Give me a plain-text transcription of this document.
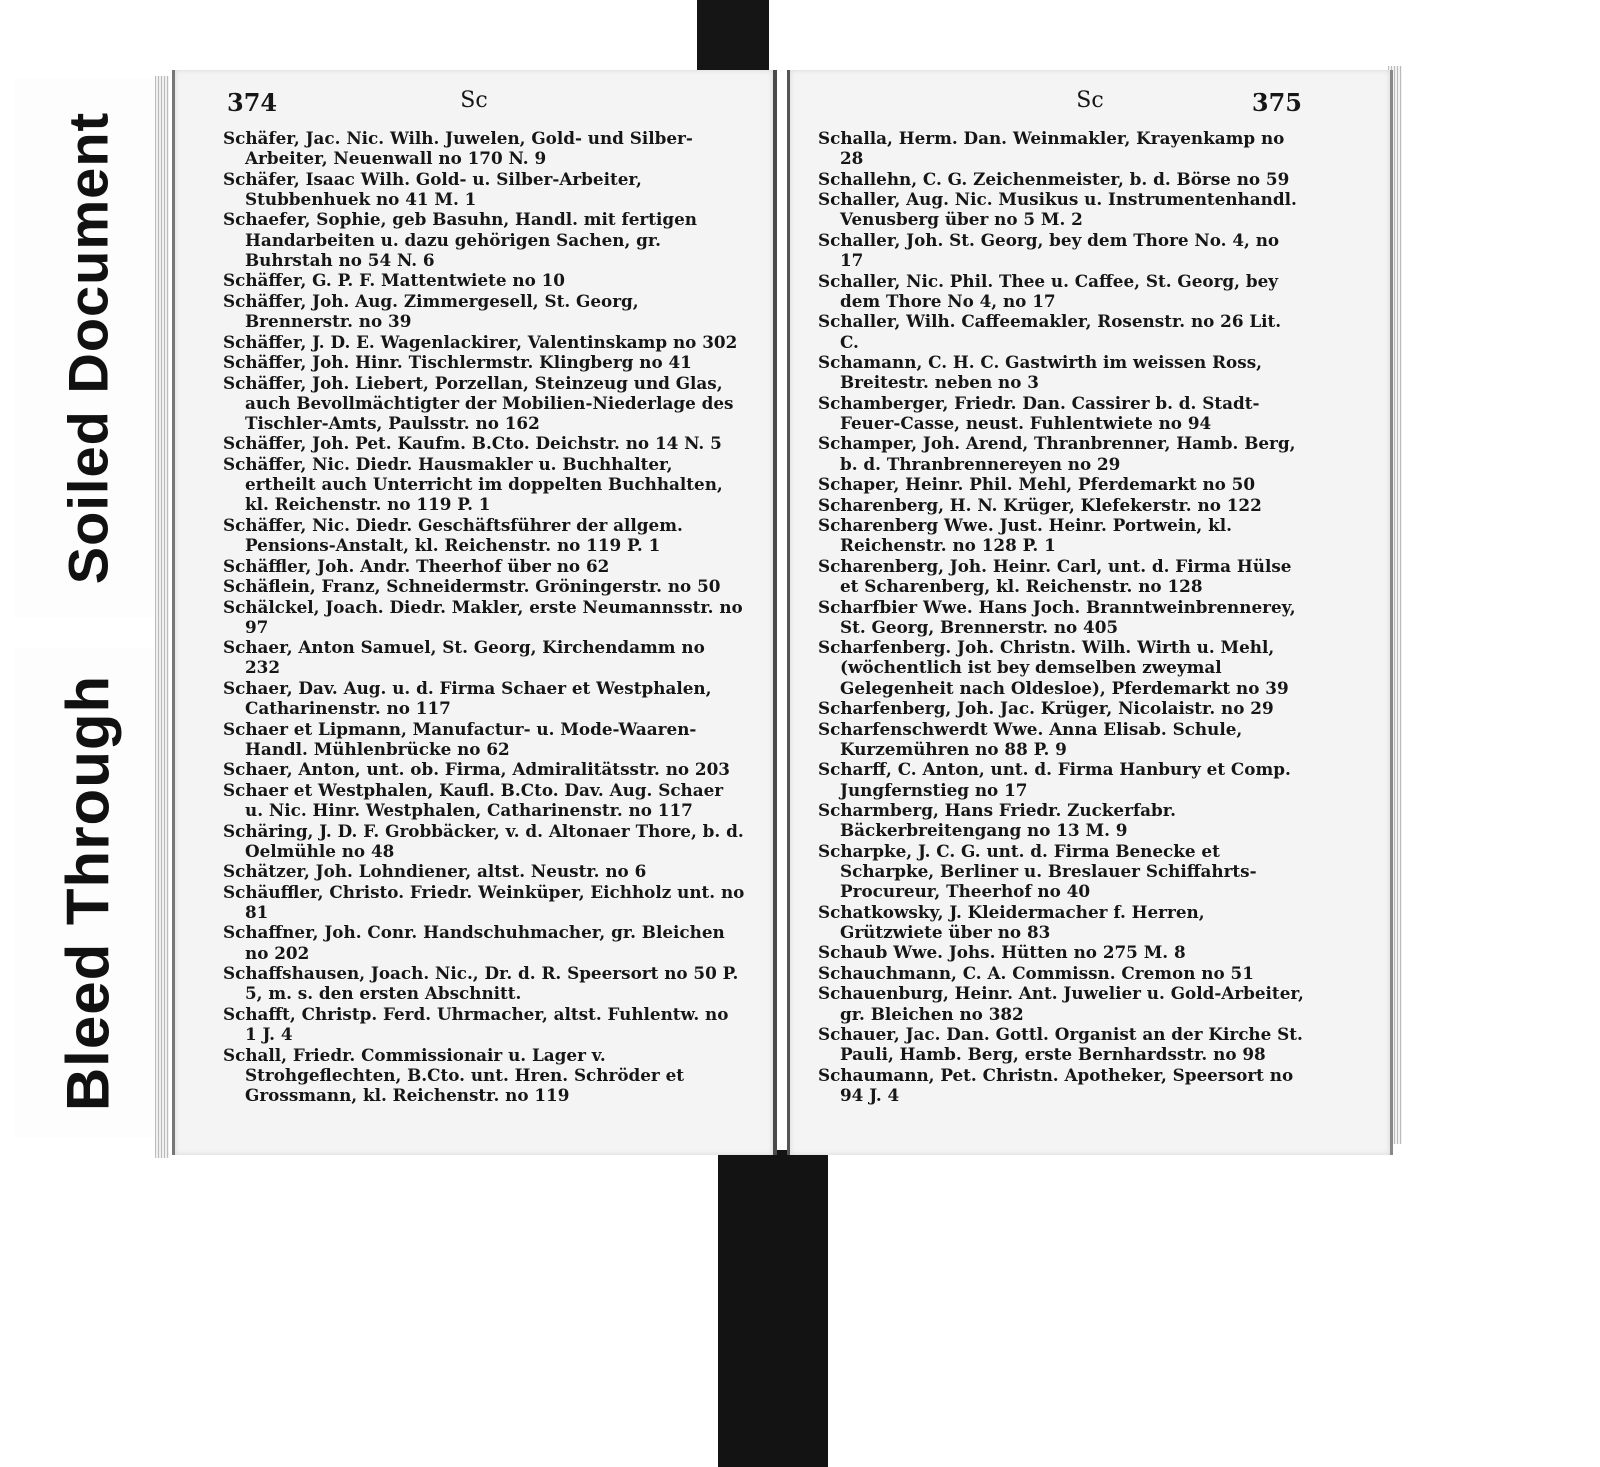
Soiled Document
Bleed Through
374	Sc

Schäfer, Jac. Nic. Wilh. Juwelen, Gold- und Silber-Arbeiter, Neuenwall no 170 N. 9

Schäfer, Isaac Wilh. Gold- u. Silber-Arbeiter, Stubbenhuek no 41 M. 1

Schaefer, Sophie, geb Basuhn, Handl. mit fertigen Handarbeiten u. dazu gehörigen Sachen, gr. Buhrstah no 54 N. 6

Schäffer, G. P. F. Mattentwiete no 10

Schäffer, Joh. Aug. Zimmergesell, St. Georg, Brennerstr. no 39

Schäffer, J. D. E. Wagenlackirer, Valentinskamp no 302

Schäffer, Joh. Hinr. Tischlermstr. Klingberg no 41

Schäffer, Joh. Liebert, Porzellan, Steinzeug und Glas, auch Bevollmächtigter der Mobilien-Niederlage des Tischler-Amts, Paulsstr. no 162

Schäffer, Joh. Pet. Kaufm. B.Cto. Deichstr. no 14 N. 5

Schäffer, Nic. Diedr. Hausmakler u. Buchhalter, ertheilt auch Unterricht im doppelten Buchhalten, kl. Reichenstr. no 119 P. 1

Schäffer, Nic. Diedr. Geschäftsführer der allgem. Pensions-Anstalt, kl. Reichenstr. no 119 P. 1

Schäffler, Joh. Andr. Theerhof über no 62

Schäflein, Franz, Schneidermstr. Gröningerstr. no 50

Schälckel, Joach. Diedr. Makler, erste Neumannsstr. no 97

Schaer, Anton Samuel, St. Georg, Kirchendamm no 232

Schaer, Dav. Aug. u. d. Firma Schaer et Westphalen, Catharinenstr. no 117

Schaer et Lipmann, Manufactur- u. Mode-Waaren-Handl. Mühlenbrücke no 62

Schaer, Anton, unt. ob. Firma, Admiralitätsstr. no 203

Schaer et Westphalen, Kaufl. B.Cto. Dav. Aug. Schaer u. Nic. Hinr. Westphalen, Catharinenstr. no 117

Schäring, J. D. F. Grobbäcker, v. d. Altonaer Thore, b. d. Oelmühle no 48

Schätzer, Joh. Lohndiener, altst. Neustr. no 6

Schäuffler, Christo. Friedr. Weinküper, Eichholz unt. no 81

Schaffner, Joh. Conr. Handschuhmacher, gr. Bleichen no 202

Schaffshausen, Joach. Nic., Dr. d. R. Speersort no 50 P. 5, m. s. den ersten Abschnitt.

Schafft, Christp. Ferd. Uhrmacher, altst. Fuhlentw. no 1 J. 4

Schall, Friedr. Commissionair u. Lager v. Strohgeflechten, B.Cto. unt. Hren. Schröder et Grossmann, kl. Reichenstr. no 119

Sc	375

Schalla, Herm. Dan. Weinmakler, Krayenkamp no 28

Schallehn, C. G. Zeichenmeister, b. d. Börse no 59

Schaller, Aug. Nic. Musikus u. Instrumentenhandl. Venusberg über no 5 M. 2

Schaller, Joh. St. Georg, bey dem Thore No. 4, no 17

Schaller, Nic. Phil. Thee u. Caffee, St. Georg, bey dem Thore No 4, no 17

Schaller, Wilh. Caffeemakler, Rosenstr. no 26 Lit. C.

Schamann, C. H. C. Gastwirth im weissen Ross, Breitestr. neben no 3

Schamberger, Friedr. Dan. Cassirer b. d. Stadt-Feuer-Casse, neust. Fuhlentwiete no 94

Schamper, Joh. Arend, Thranbrenner, Hamb. Berg, b. d. Thranbrennereyen no 29

Schaper, Heinr. Phil. Mehl, Pferdemarkt no 50

Scharenberg, H. N. Krüger, Klefekerstr. no 122

Scharenberg Wwe. Just. Heinr. Portwein, kl. Reichenstr. no 128 P. 1

Scharenberg, Joh. Heinr. Carl, unt. d. Firma Hülse et Scharenberg, kl. Reichenstr. no 128

Scharfbier Wwe. Hans Joch. Branntweinbrennerey, St. Georg, Brennerstr. no 405

Scharfenberg. Joh. Christn. Wilh. Wirth u. Mehl, (wöchentlich ist bey demselben zweymal Gelegenheit nach Oldesloe), Pferdemarkt no 39

Scharfenberg, Joh. Jac. Krüger, Nicolaistr. no 29

Scharfenschwerdt Wwe. Anna Elisab. Schule, Kurzemühren no 88 P. 9

Scharff, C. Anton, unt. d. Firma Hanbury et Comp. Jungfernstieg no 17

Scharmberg, Hans Friedr. Zuckerfabr. Bäckerbreitengang no 13 M. 9

Scharpke, J. C. G. unt. d. Firma Benecke et Scharpke, Berliner u. Breslauer Schiffahrts-Procureur, Theerhof no 40

Schatkowsky, J. Kleidermacher f. Herren, Grützwiete über no 83

Schaub Wwe. Johs. Hütten no 275 M. 8

Schauchmann, C. A. Commissn. Cremon no 51

Schauenburg, Heinr. Ant. Juwelier u. Gold-Arbeiter, gr. Bleichen no 382

Schauer, Jac. Dan. Gottl. Organist an der Kirche St. Pauli, Hamb. Berg, erste Bernhardsstr. no 98

Schaumann, Pet. Christn. Apotheker, Speersort no 94 J. 4
